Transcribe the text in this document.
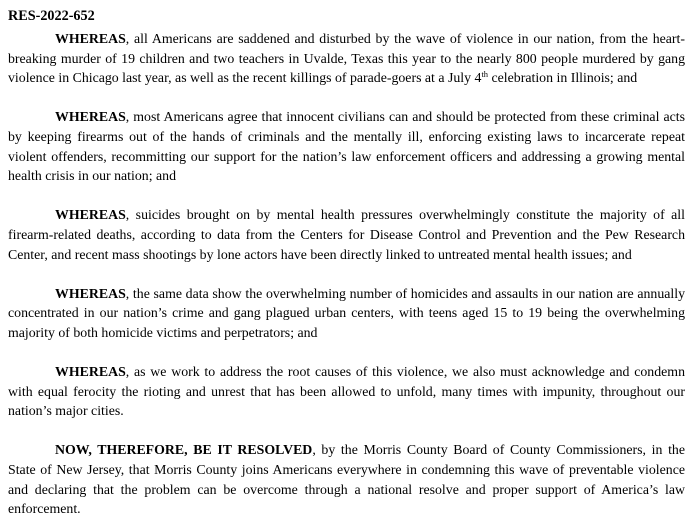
RES-2022-652

WHEREAS, all Americans are saddened and disturbed by the wave of violence in our nation, from the heart-breaking murder of 19 children and two teachers in Uvalde, Texas this year to the nearly 800 people murdered by gang violence in Chicago last year, as well as the recent killings of parade-goers at a July 4th celebration in Illinois; and

WHEREAS, most Americans agree that innocent civilians can and should be protected from these criminal acts by keeping firearms out of the hands of criminals and the mentally ill, enforcing existing laws to incarcerate repeat violent offenders, recommitting our support for the nation’s law enforcement officers and addressing a growing mental health crisis in our nation; and

WHEREAS, suicides brought on by mental health pressures overwhelmingly constitute the majority of all firearm-related deaths, according to data from the Centers for Disease Control and Prevention and the Pew Research Center, and recent mass shootings by lone actors have been directly linked to untreated mental health issues; and

WHEREAS, the same data show the overwhelming number of homicides and assaults in our nation are annually concentrated in our nation’s crime and gang plagued urban centers, with teens aged 15 to 19 being the overwhelming majority of both homicide victims and perpetrators; and

WHEREAS, as we work to address the root causes of this violence, we also must acknowledge and condemn with equal ferocity the rioting and unrest that has been allowed to unfold, many times with impunity, throughout our nation’s major cities.

NOW, THEREFORE, BE IT RESOLVED, by the Morris County Board of County Commissioners, in the State of New Jersey, that Morris County joins Americans everywhere in condemning this wave of preventable violence and declaring that the problem can be overcome through a national resolve and proper support of America’s law enforcement.
